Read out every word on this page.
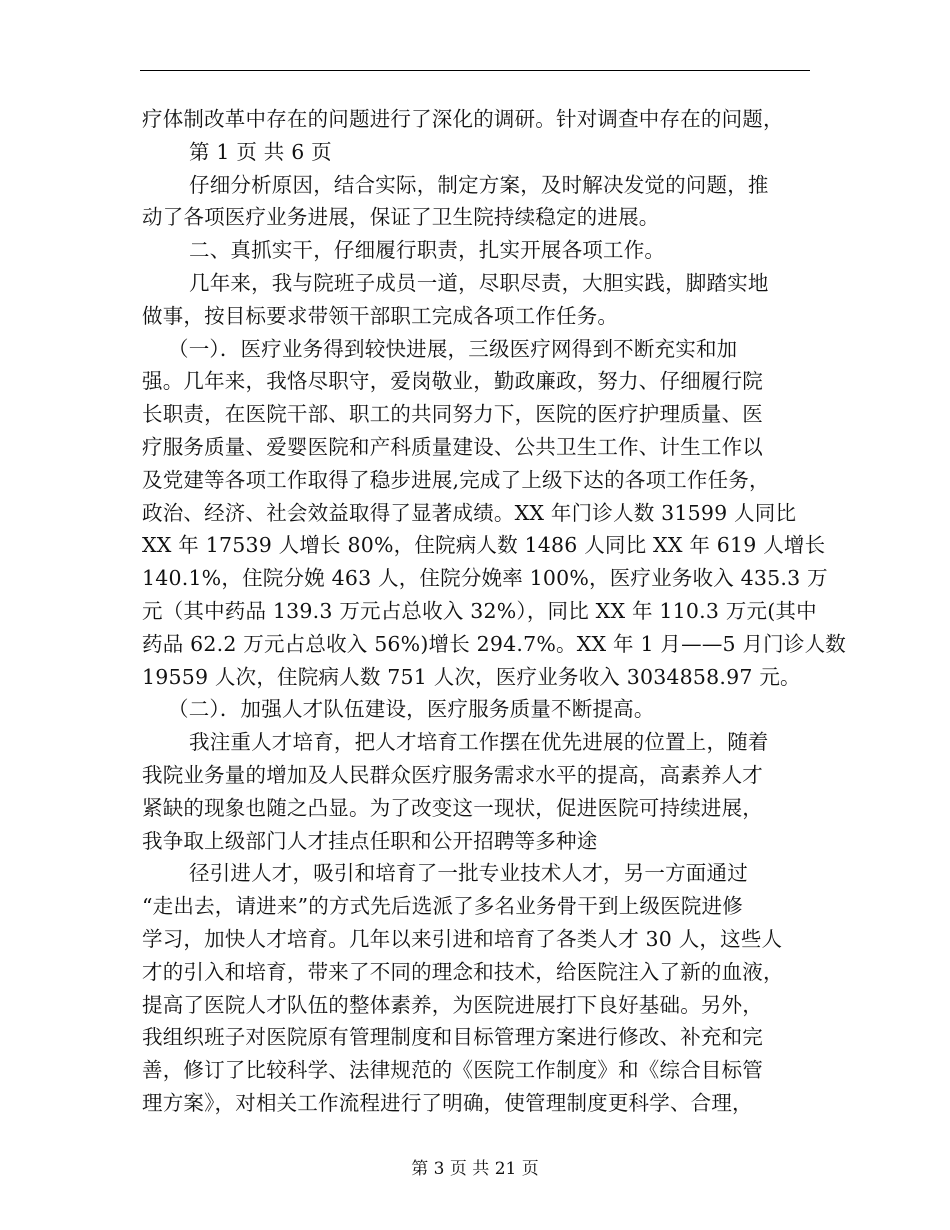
疗体制改革中存在的问题进行了深化的调研。针对调查中存在的问题，
第 1 页 共 6 页
仔细分析原因，结合实际，制定方案，及时解决发觉的问题，推
动了各项医疗业务进展，保证了卫生院持续稳定的进展。
二、真抓实干，仔细履行职责，扎实开展各项工作。
几年来，我与院班子成员一道，尽职尽责，大胆实践，脚踏实地
做事，按目标要求带领干部职工完成各项工作任务。
（一）．医疗业务得到较快进展，三级医疗网得到不断充实和加
强。几年来，我恪尽职守，爱岗敬业，勤政廉政，努力、仔细履行院
长职责，在医院干部、职工的共同努力下，医院的医疗护理质量、医
疗服务质量、爱婴医院和产科质量建设、公共卫生工作、计生工作以
及党建等各项工作取得了稳步进展,完成了上级下达的各项工作任务，
政治、经济、社会效益取得了显著成绩。XX 年门诊人数 31599 人同比
XX 年 17539 人增长 80%，住院病人数 1486 人同比 XX 年 619 人增长
140.1%，住院分娩 463 人，住院分娩率 100%，医疗业务收入 435.3 万
元（其中药品 139.3 万元占总收入 32%），同比 XX 年 110.3 万元(其中
药品 62.2 万元占总收入 56%)增长 294.7%。XX 年 1 月——5 月门诊人数
19559 人次，住院病人数 751 人次，医疗业务收入 3034858.97 元。
（二）．加强人才队伍建设，医疗服务质量不断提高。
我注重人才培育，把人才培育工作摆在优先进展的位置上，随着
我院业务量的增加及人民群众医疗服务需求水平的提高，高素养人才
紧缺的现象也随之凸显。为了改变这一现状，促进医院可持续进展，
我争取上级部门人才挂点任职和公开招聘等多种途
径引进人才，吸引和培育了一批专业技术人才，另一方面通过
“走出去，请进来”的方式先后选派了多名业务骨干到上级医院进修
学习，加快人才培育。几年以来引进和培育了各类人才 30 人，这些人
才的引入和培育，带来了不同的理念和技术，给医院注入了新的血液，
提高了医院人才队伍的整体素养，为医院进展打下良好基础。另外，
我组织班子对医院原有管理制度和目标管理方案进行修改、补充和完
善，修订了比较科学、法律规范的《医院工作制度》和《综合目标管
理方案》，对相关工作流程进行了明确，使管理制度更科学、合理，
第 3 页 共 21 页
